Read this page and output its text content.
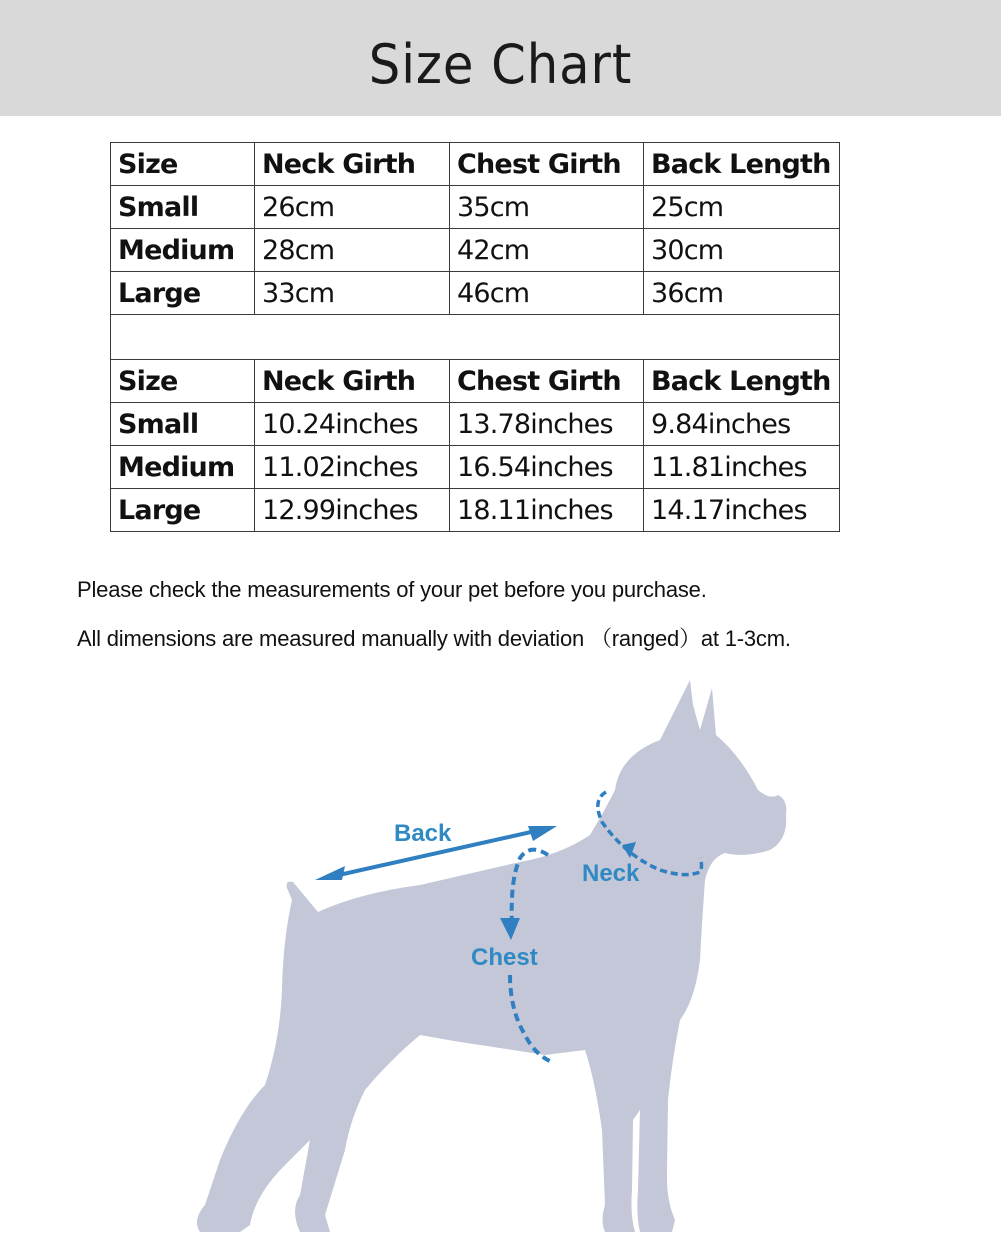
Size Chart
Size	Neck Girth	Chest Girth	Back Length
Small	26cm	35cm	25cm
Medium	28cm	42cm	30cm
Large	33cm	46cm	36cm

Size	Neck Girth	Chest Girth	Back Length
Small	10.24inches	13.78inches	9.84inches
Medium	11.02inches	16.54inches	11.81inches
Large	12.99inches	18.11inches	14.17inches
Please check the measurements of your pet before you purchase.
All dimensions are measured manually with deviation （ranged）at 1-3cm.
Back
Neck
Chest
